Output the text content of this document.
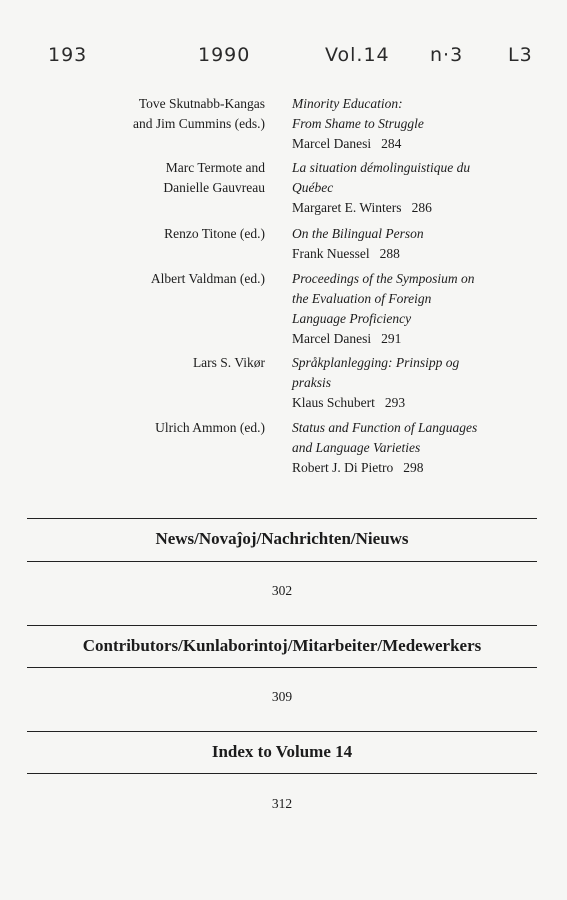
193	1990	Vol.14 n·3 L3
Tove Skutnabb-Kangas
and Jim Cummins (eds.)
Minority Education:
From Shame to Struggle
Marcel Danesi 284
Marc Termote and
Danielle Gauvreau
La situation démolinguistique du
Québec
Margaret E. Winters 286
Renzo Titone (ed.) On the Bilingual Person
Frank Nuessel 288
Albert Valdman (ed.) Proceedings of the Symposium on
the Evaluation of Foreign
Language Proficiency
Marcel Danesi 291
Lars S. Vikør Språkplanlegging: Prinsipp og
praksis
Klaus Schubert 293
Ulrich Ammon (ed.) Status and Function of Languages
and Language Varieties
Robert J. Di Pietro 298
News/Novaĵoj/Nachrichten/Nieuws
302
Contributors/Kunlaborintoj/Mitarbeiter/Medewerkers
309
Index to Volume 14
312
